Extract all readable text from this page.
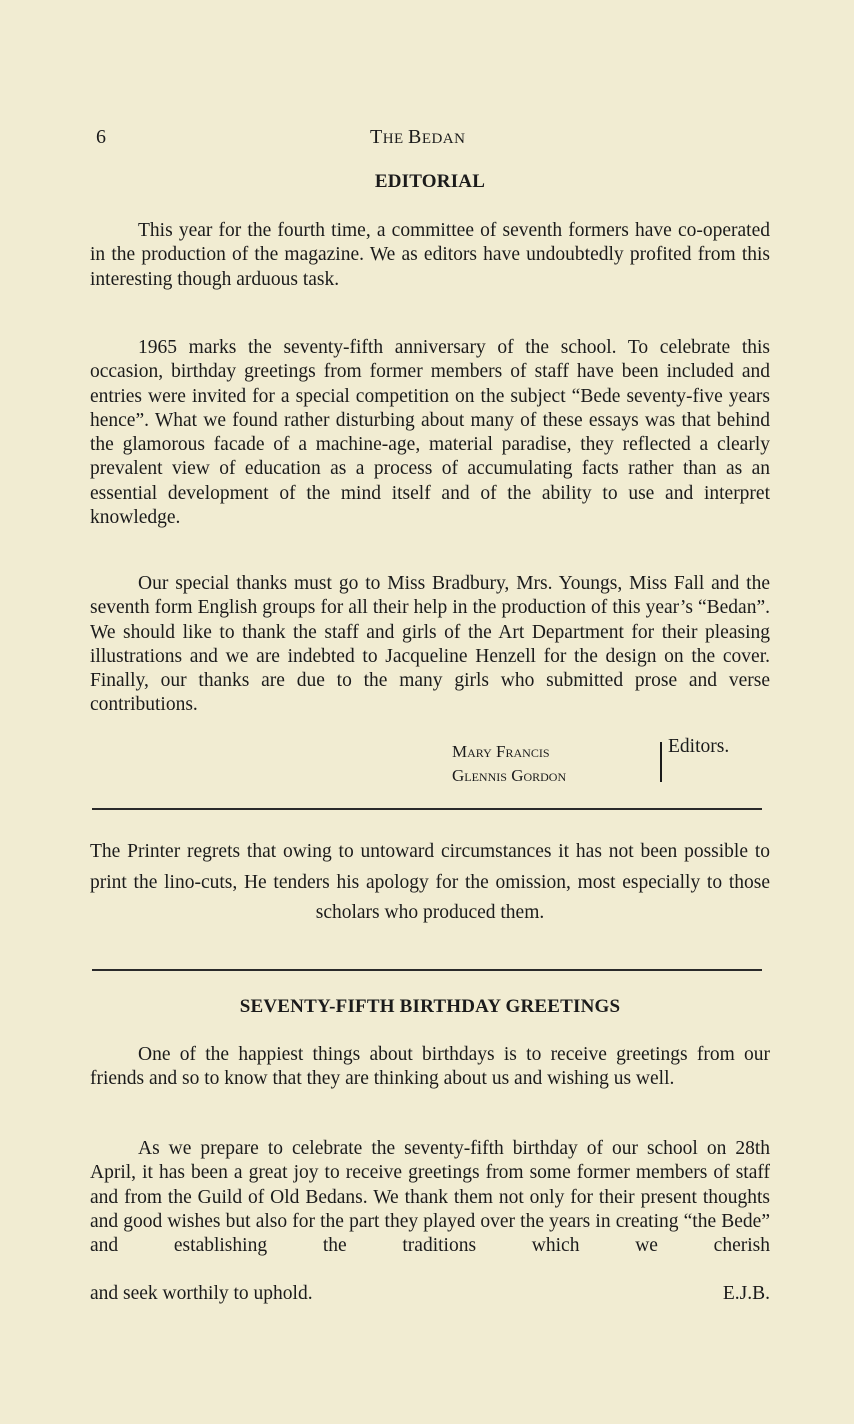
6	THE BEDAN
EDITORIAL

This year for the fourth time, a committee of seventh formers have co-operated in the production of the magazine. We as editors have undoubtedly profited from this interesting though arduous task.

1965 marks the seventy-fifth anniversary of the school. To celebrate this occasion, birthday greetings from former members of staff have been included and entries were invited for a special competition on the subject “Bede seventy-five years hence”. What we found rather disturbing about many of these essays was that behind the glamorous facade of a machine-age, material paradise, they reflected a clearly prevalent view of education as a process of accumulating facts rather than as an essential development of the mind itself and of the ability to use and interpret knowledge.

Our special thanks must go to Miss Bradbury, Mrs. Youngs, Miss Fall and the seventh form English groups for all their help in the production of this year’s “Bedan”. We should like to thank the staff and girls of the Art Department for their pleasing illustrations and we are indebted to Jacqueline Henzell for the design on the cover. Finally, our thanks are due to the many girls who submitted prose and verse contributions.

Mary Francis
Glennis Gordon
Editors.

The Printer regrets that owing to untoward circumstances it has not been possible to print the lino-cuts, He tenders his apology for the omission, most especially to those scholars who produced them.

SEVENTY-FIFTH BIRTHDAY GREETINGS

One of the happiest things about birthdays is to receive greetings from our friends and so to know that they are thinking about us and wishing us well.

As we prepare to celebrate the seventy-fifth birthday of our school on 28th April, it has been a great joy to receive greetings from some former members of staff and from the Guild of Old Bedans. We thank them not only for their present thoughts and good wishes but also for the part they played over the years in creating “the Bede” and establishing the traditions which we cherish

and seek worthily to uphold.	E.J.B.
